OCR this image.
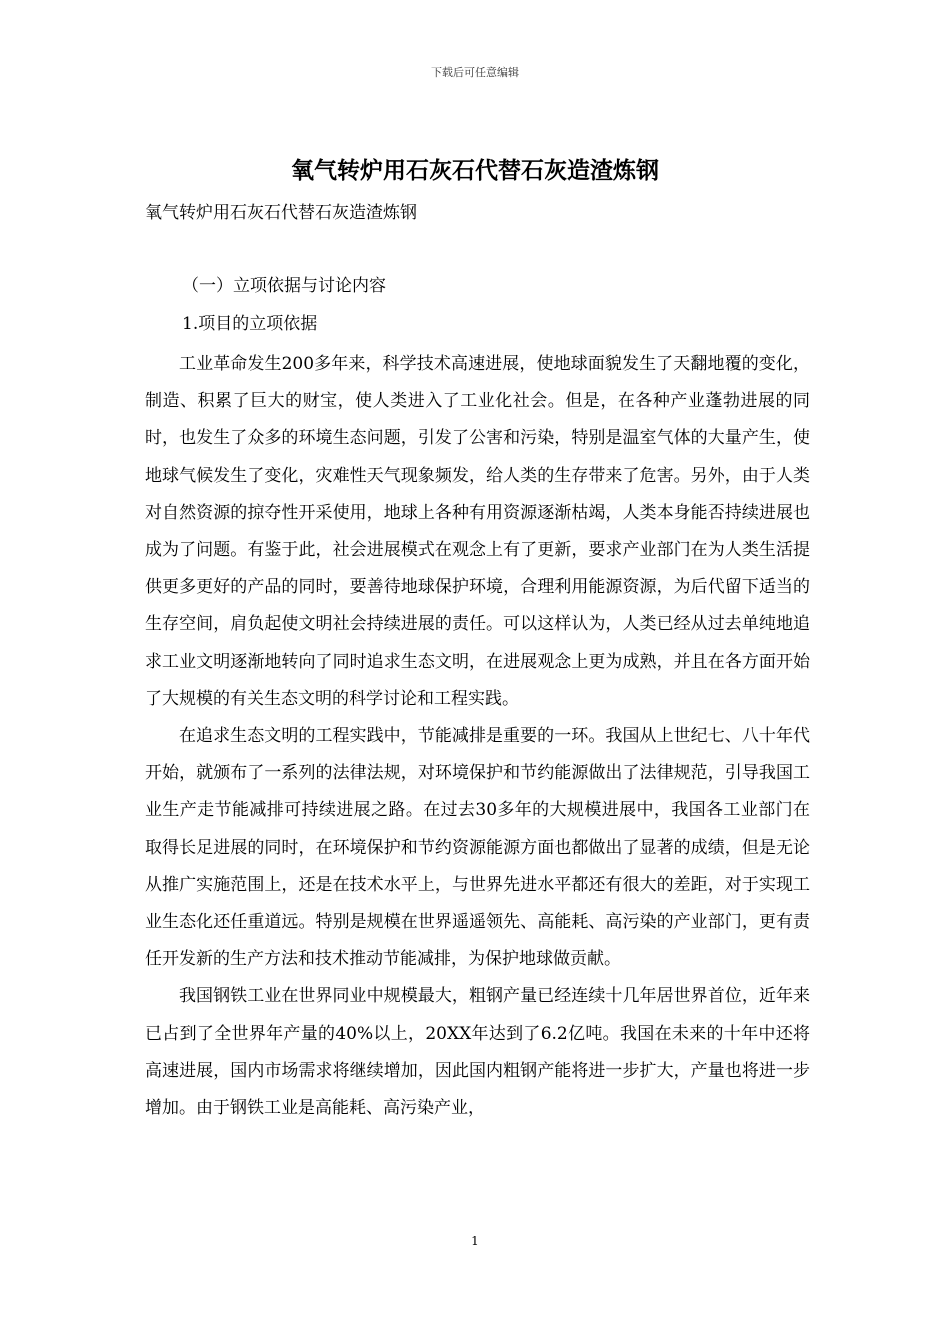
下载后可任意编辑
氧气转炉用石灰石代替石灰造渣炼钢
氧气转炉用石灰石代替石灰造渣炼钢
（一）立项依据与讨论内容
1.项目的立项依据

工业革命发生200多年来，科学技术高速进展，使地球面貌发生了天翻地覆的变化，制造、积累了巨大的财宝，使人类进入了工业化社会。但是，在各种产业蓬勃进展的同时，也发生了众多的环境生态问题，引发了公害和污染，特别是温室气体的大量产生，使地球气候发生了变化，灾难性天气现象频发，给人类的生存带来了危害。另外，由于人类对自然资源的掠夺性开采使用，地球上各种有用资源逐渐枯竭，人类本身能否持续进展也成为了问题。有鉴于此，社会进展模式在观念上有了更新，要求产业部门在为人类生活提供更多更好的产品的同时，要善待地球保护环境，合理利用能源资源，为后代留下适当的生存空间，肩负起使文明社会持续进展的责任。可以这样认为，人类已经从过去单纯地追求工业文明逐渐地转向了同时追求生态文明，在进展观念上更为成熟，并且在各方面开始了大规模的有关生态文明的科学讨论和工程实践。

在追求生态文明的工程实践中，节能减排是重要的一环。我国从上世纪七、八十年代开始，就颁布了一系列的法律法规，对环境保护和节约能源做出了法律规范，引导我国工业生产走节能减排可持续进展之路。在过去30多年的大规模进展中，我国各工业部门在取得长足进展的同时，在环境保护和节约资源能源方面也都做出了显著的成绩，但是无论从推广实施范围上，还是在技术水平上，与世界先进水平都还有很大的差距，对于实现工业生态化还任重道远。特别是规模在世界遥遥领先、高能耗、高污染的产业部门，更有责任开发新的生产方法和技术推动节能减排，为保护地球做贡献。

我国钢铁工业在世界同业中规模最大，粗钢产量已经连续十几年居世界首位，近年来已占到了全世界年产量的40%以上，20XX年达到了6.2亿吨。我国在未来的十年中还将高速进展，国内市场需求将继续增加，因此国内粗钢产能将进一步扩大，产量也将进一步增加。由于钢铁工业是高能耗、高污染产业，

1
